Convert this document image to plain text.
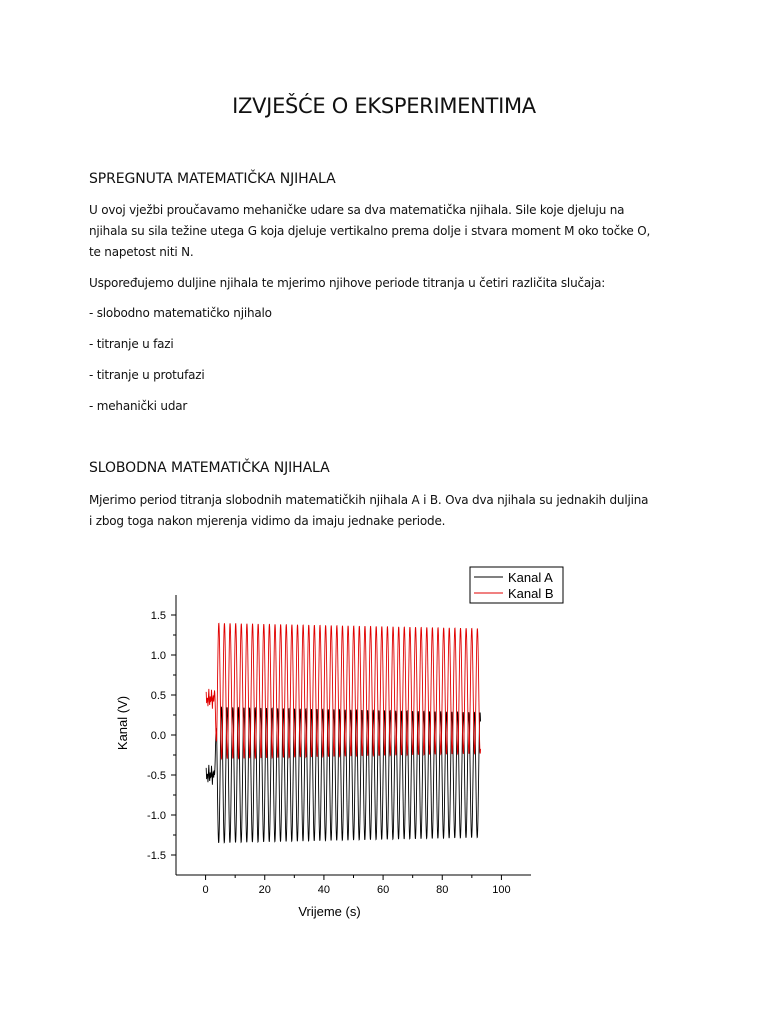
IZVJEŠĆE O EKSPERIMENTIMA
SPREGNUTA MATEMATIČKA NJIHALA

U ovoj vježbi proučavamo mehaničke udare sa dva matematička njihala. Sile koje djeluju na

njihala su sila težine utega G koja djeluje vertikalno prema dolje i stvara moment M oko točke O,

te napetost niti N.

Uspoređujemo duljine njihala te mjerimo njihove periode titranja u četiri različita slučaja:

- slobodno matematičko njihalo

- titranje u fazi

- titranje u protufazi

- mehanički udar

SLOBODNA MATEMATIČKA NJIHALA

Mjerimo period titranja slobodnih matematičkih njihala A i B. Ova dva njihala su jednakih duljina

i zbog toga nakon mjerenja vidimo da imaju jednake periode.

-1.5
-1.0
-0.5
0.0
0.5
1.0
1.5
0	20	40	60	80	100
Vrijeme (s)
Kanal (V)
Kanal A
Kanal B
